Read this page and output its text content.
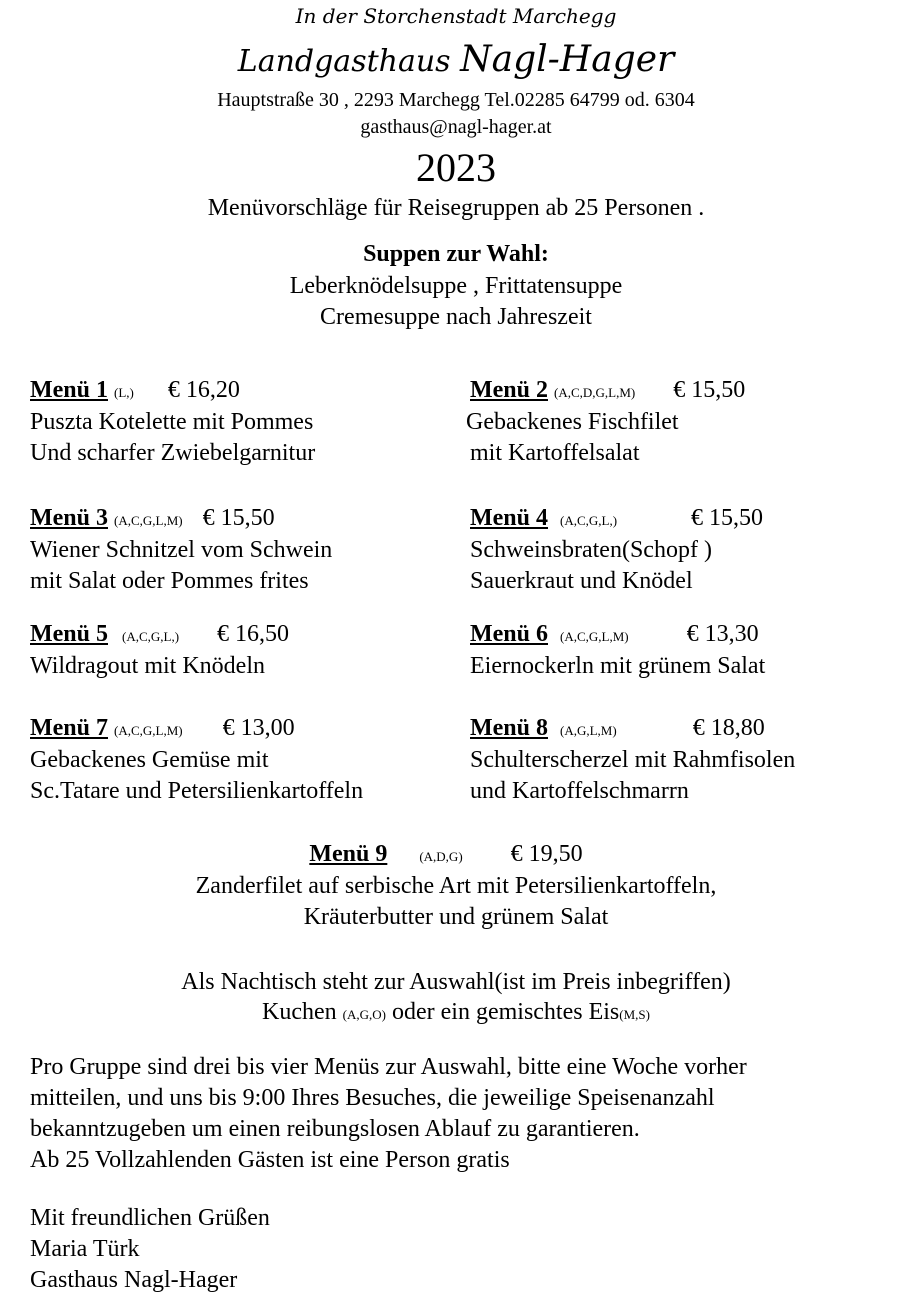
In der Storchenstadt Marchegg
Landgasthaus Nagl-Hager
Hauptstraße 30 , 2293 Marchegg Tel.02285 64799 od. 6304
gasthaus@nagl-hager.at
2023
Menüvorschläge für Reisegruppen ab 25 Personen .
Suppen zur Wahl:
Leberknödelsuppe , Frittatensuppe
Cremesuppe nach Jahreszeit
Menü 1 (L,) € 16,20
Puszta Kotelette mit Pommes
Und scharfer Zwiebelgarnitur
Menü 2 (A,C,D,G,L,M) € 15,50
Gebackenes Fischfilet
mit Kartoffelsalat
Menü 3 (A,C,G,L,M) € 15,50
Wiener Schnitzel vom Schwein
mit Salat oder Pommes frites
Menü 4 (A,C,G,L,)	€ 15,50
Schweinsbraten(Schopf )
Sauerkraut und Knödel
Menü 5 (A,C,G,L,) € 16,50
Wildragout mit Knödeln
Menü 6 (A,C,G,L,M) € 13,30
Eiernockerln mit grünem Salat
Menü 7 (A,C,G,L,M) € 13,00
Gebackenes Gemüse mit
Sc.Tatare und Petersilienkartoffeln
Menü 8 (A,G,L,M)	€ 18,80
Schulterscherzel mit Rahmfisolen
und Kartoffelschmarrn
Menü 9 (A,D,G) € 19,50
Zanderfilet auf serbische Art mit Petersilienkartoffeln,
Kräuterbutter und grünem Salat
Als Nachtisch steht zur Auswahl(ist im Preis inbegriffen)
Kuchen (A,G,O) oder ein gemischtes Eis(M,S)
Pro Gruppe sind drei bis vier Menüs zur Auswahl, bitte eine Woche vorher
mitteilen, und uns bis 9:00 Ihres Besuches, die jeweilige Speisenanzahl
bekanntzugeben um einen reibungslosen Ablauf zu garantieren.
Ab 25 Vollzahlenden Gästen ist eine Person gratis
Mit freundlichen Grüßen
Maria Türk
Gasthaus Nagl-Hager
